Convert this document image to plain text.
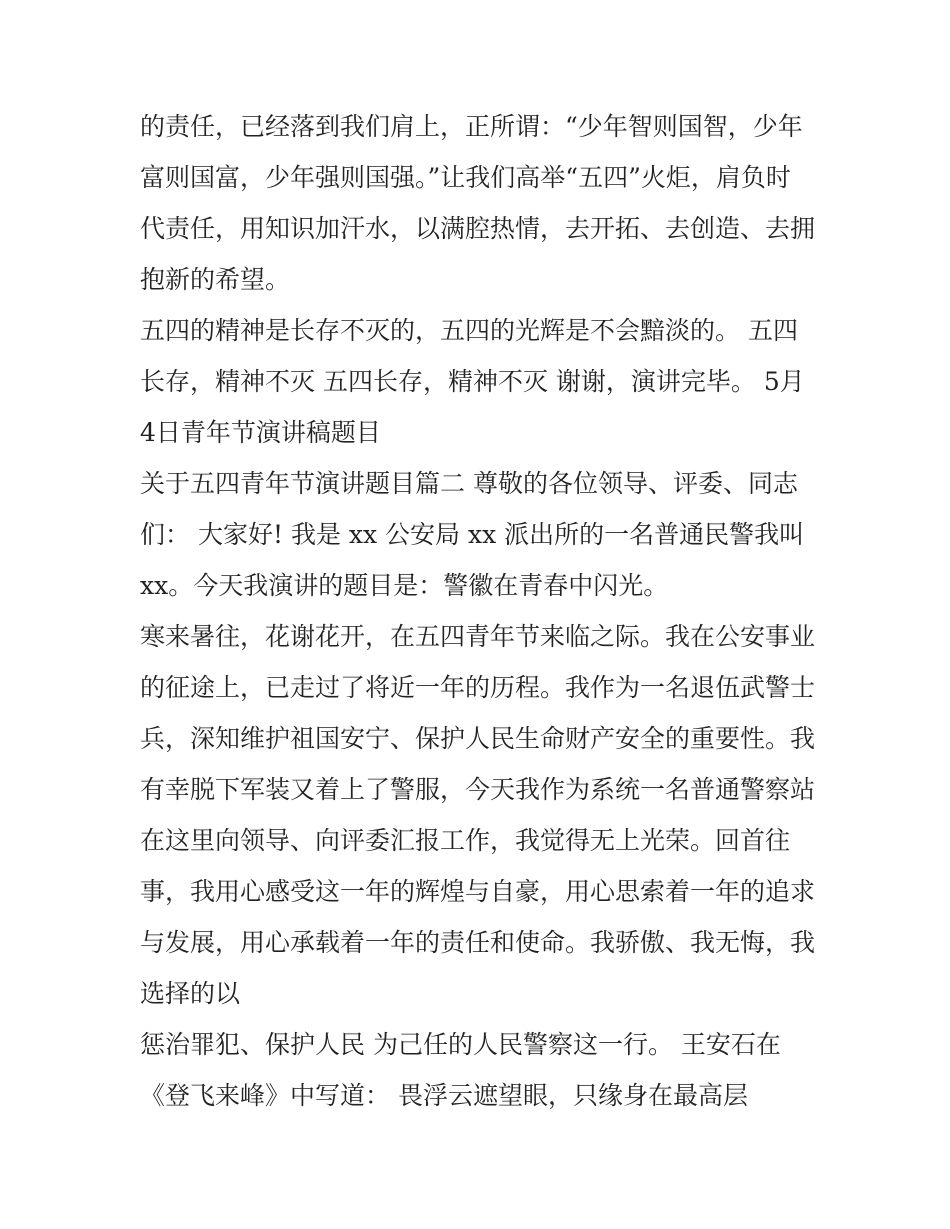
的责任，已经落到我们肩上，正所谓：“少年智则国智，少年
富则国富，少年强则国强。”让我们高举“五四”火炬，肩负时
代责任，用知识加汗水，以满腔热情，去开拓、去创造、去拥
抱新的希望。
五四的精神是长存不灭的，五四的光辉是不会黯淡的。 五四
长存，精神不灭 五四长存，精神不灭 谢谢，演讲完毕。 5月
4日青年节演讲稿题目
关于五四青年节演讲题目篇二 尊敬的各位领导、评委、同志
们： 大家好! 我是 xx 公安局 xx 派出所的一名普通民警我叫
xx。今天我演讲的题目是：警徽在青春中闪光。
寒来暑往，花谢花开，在五四青年节来临之际。我在公安事业
的征途上，已走过了将近一年的历程。我作为一名退伍武警士
兵，深知维护祖国安宁、保护人民生命财产安全的重要性。我
有幸脱下军装又着上了警服，今天我作为系统一名普通警察站
在这里向领导、向评委汇报工作，我觉得无上光荣。回首往
事，我用心感受这一年的辉煌与自豪，用心思索着一年的追求
与发展，用心承载着一年的责任和使命。我骄傲、我无悔，我
选择的以
惩治罪犯、保护人民 为己任的人民警察这一行。 王安石在
《登飞来峰》中写道： 畏浮云遮望眼，只缘身在最高层
